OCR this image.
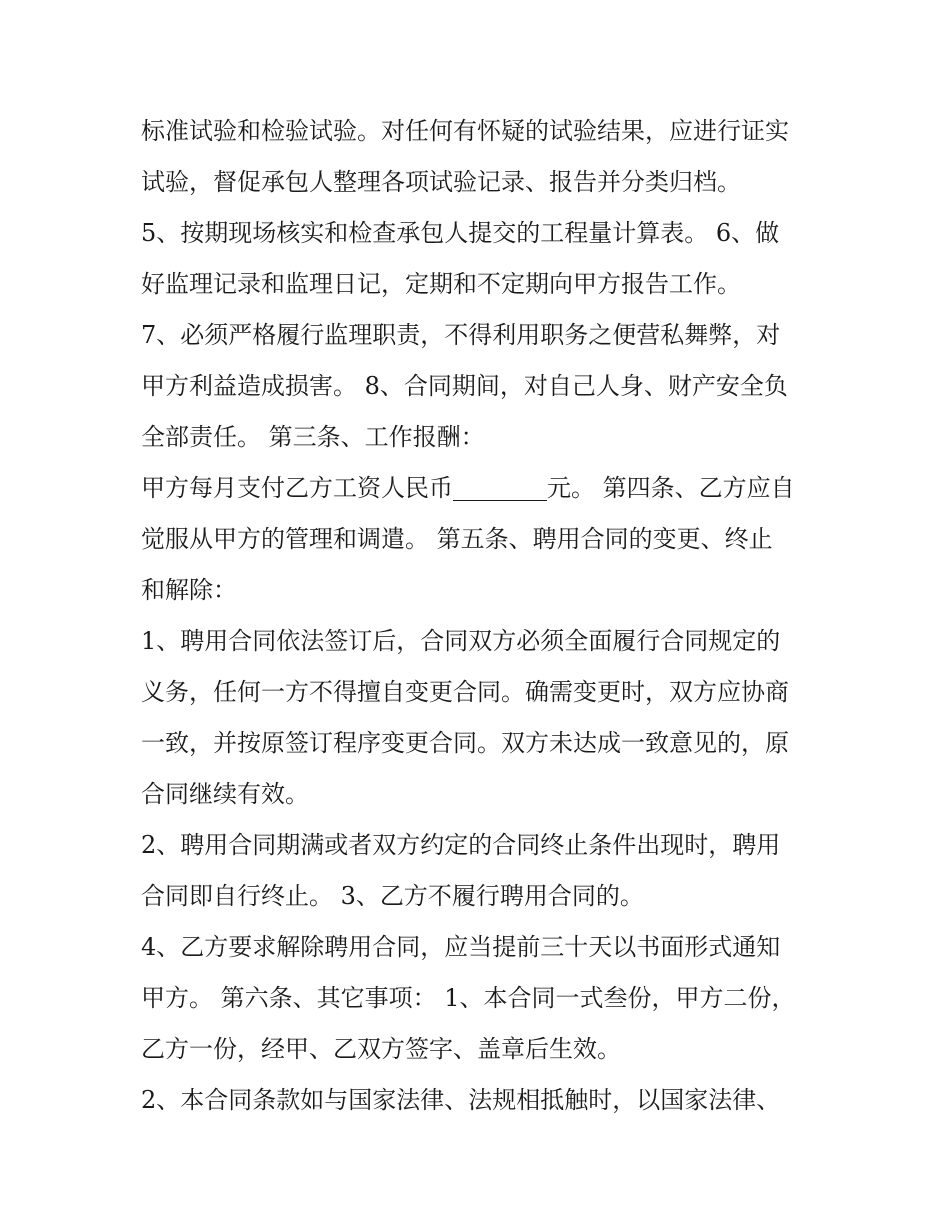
标准试验和检验试验。对任何有怀疑的试验结果，应进行证实
试验，督促承包人整理各项试验记录、报告并分类归档。
5、按期现场核实和检查承包人提交的工程量计算表。 6、做
好监理记录和监理日记，定期和不定期向甲方报告工作。
7、必须严格履行监理职责，不得利用职务之便营私舞弊，对
甲方利益造成损害。 8、合同期间，对自己人身、财产安全负
全部责任。 第三条、工作报酬：
甲方每月支付乙方工资人民币	元。 第四条、乙方应自
觉服从甲方的管理和调遣。 第五条、聘用合同的变更、终止
和解除：
1、聘用合同依法签订后，合同双方必须全面履行合同规定的
义务，任何一方不得擅自变更合同。确需变更时，双方应协商
一致，并按原签订程序变更合同。双方未达成一致意见的，原
合同继续有效。
2、聘用合同期满或者双方约定的合同终止条件出现时，聘用
合同即自行终止。 3、乙方不履行聘用合同的。
4、乙方要求解除聘用合同，应当提前三十天以书面形式通知
甲方。 第六条、其它事项： 1、本合同一式叁份，甲方二份，
乙方一份，经甲、乙双方签字、盖章后生效。
2、本合同条款如与国家法律、法规相抵触时，以国家法律、
